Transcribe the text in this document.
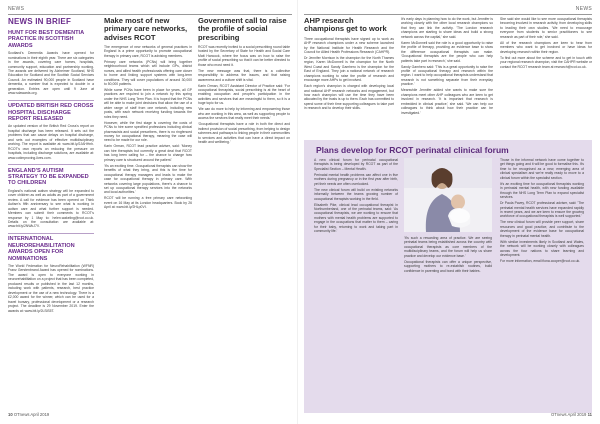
NEWS	NEWS
NEWS IN BRIEF
HUNT FOR BEST DEMENTIA PRACTICE IN SCOTTISH AWARDS
Scotland's Dementia Awards have opened for nominations in their eighth year. There are six categories in the awards, covering care homes, hospitals, community support, education and partnership working. The awards are delivered by Alzheimer Scotland, NHS Education for Scotland and the Scottish Social Services Council. An estimated 90,000 people in Scotland have dementia, a number that is expected to double in a generation. Entries are open until 9 June at www.sdawards.org.
UPDATED BRITISH RED CROSS HOSPITAL DISCHARGE REPORT RELEASED
An updated version of the British Red Cross's report on hospital discharge has been released. It sets out the problems that can cause delays on hospital discharge, and sets out examples of effective multidisciplinary working. The report is available at: www.bit.ly/2JAHHnh. RCOT's own reports on reducing the pressure on hospitals, including discharge solutions, are available at: www.cotimproving-lives.com.
ENGLAND'S AUTISM STRATEGY TO BE EXPANDED TO CHILDREN
England's national autism strategy will be expanded to cover children as well as adults as part of a government review. A call for evidence has been opened on Think Autism's fifth anniversary to see what is working in autism care and what further support is needed. Members can submit their comments to RCOT's response by 1 May to: helen.wakeling@rcot.co.uk. Details on the consultation are available at: www.bit.ly/2NWkJ7V.
INTERNATIONAL NEUROREHABILITATION AWARDS OPEN FOR NOMINATIONS
The World Federation for NeuroRehabilitation (WFNR) Franz Gerstenbrand Award has opened for nominations. The award is open to everyone working in neurorehabilitation on a project that has been completed, produced results or published in the last 12 months, including work with patients, research, best practice development or the use of a new technology. There is a £2,000 award for the winner, which can be used for a travel bursary, professional development or a research project. The deadline is 29 November 2019. Enter the awards at: www.bit.ly/2LSiS5T.
Make most of new primary care networks, advises RCOT

The emergence of new networks of general practices in England is a prime opportunity to promote occupational therapy in primary care, RCOT is advising members.

Primary care networks (PCNs) will bring together neighbourhood teams which will include GPs, district nurses, and allied health professionals offering care closer to home and linking support systems with long-term conditions. They will cover populations of around 30,000 to 50,000 patients.

While some PCNs have been in place for years, all GP practices are required to join a network by this spring under the NHS Long Term Plan. It is hoped that the PCNs will be able to make joint decisions that allow the use of a wider range of staff from one network, including new posts, with each network receiving funding towards the roles they need.

However, while the first stage is covering the costs of PCNs to hire some specified professions including clinical pharmacists and social prescribers, there is no ringfenced money for occupational therapy, meaning the case will need to be made for our role.

Karin Orman, RCOT lead practice adviser, said: 'Money can hire therapists but currently a great deal that RCOT has long been calling for – the chance to change how primary care is structured around the patient.'

'It's an exciting time. Occupational therapists can show the benefits of what they bring, and this is the time for occupational therapy managers and leads to make the case for occupational therapy in primary care. With networks covering large populations, there's a chance to set up occupational therapy services into the networks and local authorities.'

RCOT will be running a free primary care networking event on 16 May at its London headquarters. Book by 26 April at: www.bit.ly/2HLp0VI.

Government call to raise the profile of social prescribing

RCOT was recently invited to a social prescribing round table hosted by the Secretary of State for Health and Social Care Matt Hancock, where the focus was on how to raise the profile of social prescribing so that it can be better directed to those who most need it.

The new message was that, there is a collective responsibility to address the issues, and that raising awareness and a culture shift is vital.

Karin Orman, RCOT Assistant Director of Practice said: 'For occupational therapists, social prescribing is at the heart of enabling occupation and people's participation in the activities and services that are meaningful to them, so it is a huge topic for us.

'We can do more to help by informing and empowering those who are working in this area, as well as supporting people to access the services that really meet their needs.'

'Occupational therapists have a role in both the direct and indirect provision of social prescribing, from helping to design schemes and pathways to linking people in their communities to services and activities that can have a direct impact on health and wellbeing.'

AHP research champions get to work

Three occupational therapists have signed up to work as AHP research champions under a new scheme launched by the National Institute for Health Research and the Council for Allied Health Professions Research (CAHPR).

Dr Jennifer Morrison is the champion for the North Thames region, Karen McDonnell is the champion for the North West Coast and Sandy Gamhero is the champion for the East of England. They join a national network of research champions working to raise the profile of research and encourage more AHPs to get involved.

Each region's champion is charged with developing local and national AHP research networks and engagement, but how each champion will use the time they have been allocated by the trusts is up to them. Each has committed to spend some of their time supporting colleagues to take part in research and to develop their skills.

It's early days in planning how to do the work, but Jennifer is working closely with the other local research champions so that they can link the activity. 'The London research champions are starting to share ideas and build a strong network across the capital,' she said.

Karen McDonnell said the role is a good opportunity to raise the profile of therapy, providing an evidence base to show the difference occupational therapists can make. 'Occupational therapists are the people who can help patients take part in research,' she said.

Sandy Gamhero said: 'This is a great opportunity to raise the profile of occupational therapy and research within the region. I want to help occupational therapists understand that research is not something separate from their everyday practice.'

Meanwhile Jennifer added she wants to make sure the champions meet other AHP colleagues who are keen to get involved in research. 'It is important that research is embedded in clinical practice,' she said. 'We can help our colleagues to think about how their practice can be investigated.'

She said she would like to see more occupational therapists becoming involved in research activity, from developing skills to leading their own studies. 'We need to encourage everyone from students to senior practitioners to see research as part of their role,' she said.

All of the research champions are keen to hear from members who want to get involved or have ideas for developing research within their region.

To find out more about the scheme and to get in touch with your regional research champion, visit the CAHPR website or contact the RCOT research team at research@rcot.co.uk.

Plans develop for RCOT perinatal clinical forum

A new clinical forum for perinatal occupational therapists is being developed by RCOT as part of the Specialist Section – Mental Health.

Perinatal mental health problems can affect one in five mothers during pregnancy or in the first year after birth, yet their needs are often overlooked.

The new clinical forum will build on existing networks informally between the teams growing number of occupational therapists working in the field.

Elisabeth Pike, clinical lead occupational therapist in Northumberland, one of the perinatal teams, said: 'As occupational therapists, we are working to ensure that mothers with mental health problems are supported to engage in the occupations that matter to them – caring for their baby, returning to work and taking part in community life.'

'It's such a rewarding area of practice. We are seeing perinatal teams being established across the country with occupational therapists as core members of the multidisciplinary teams, and the forum will help us share practice and develop our evidence base.'

Occupational therapists can offer a unique perspective, supporting mothers to re-establish routines, build confidence in parenting and bond with their babies.

Those in the informal network have come together to get things going and it will be good to formalise this. It's time to be recognised as a new, emerging area of clinical specialism and we're really ready to move to a clinical forum within the specialist section.

It's an exciting time for occupational therapists working in perinatal mental health, with new funding available through the NHS Long Term Plan to expand specialist services.

Dr Paula Pavey, RCOT professional adviser, said: 'The perinatal mental health services have expanded rapidly in recent years, and we are keen to ensure the growing workforce of occupational therapists is well supported.'

The new clinical forum will provide peer support, share resources and good practice, and contribute to the development of the evidence base for occupational therapy in perinatal mental health.

With similar investments likely in Scotland and Wales, the network will be working closely with colleagues across the four nations to share learning and development.

For more information, email fiona.cooper@rcot.co.uk.

10 OTnews April 2019	OTnews April 2019 11
